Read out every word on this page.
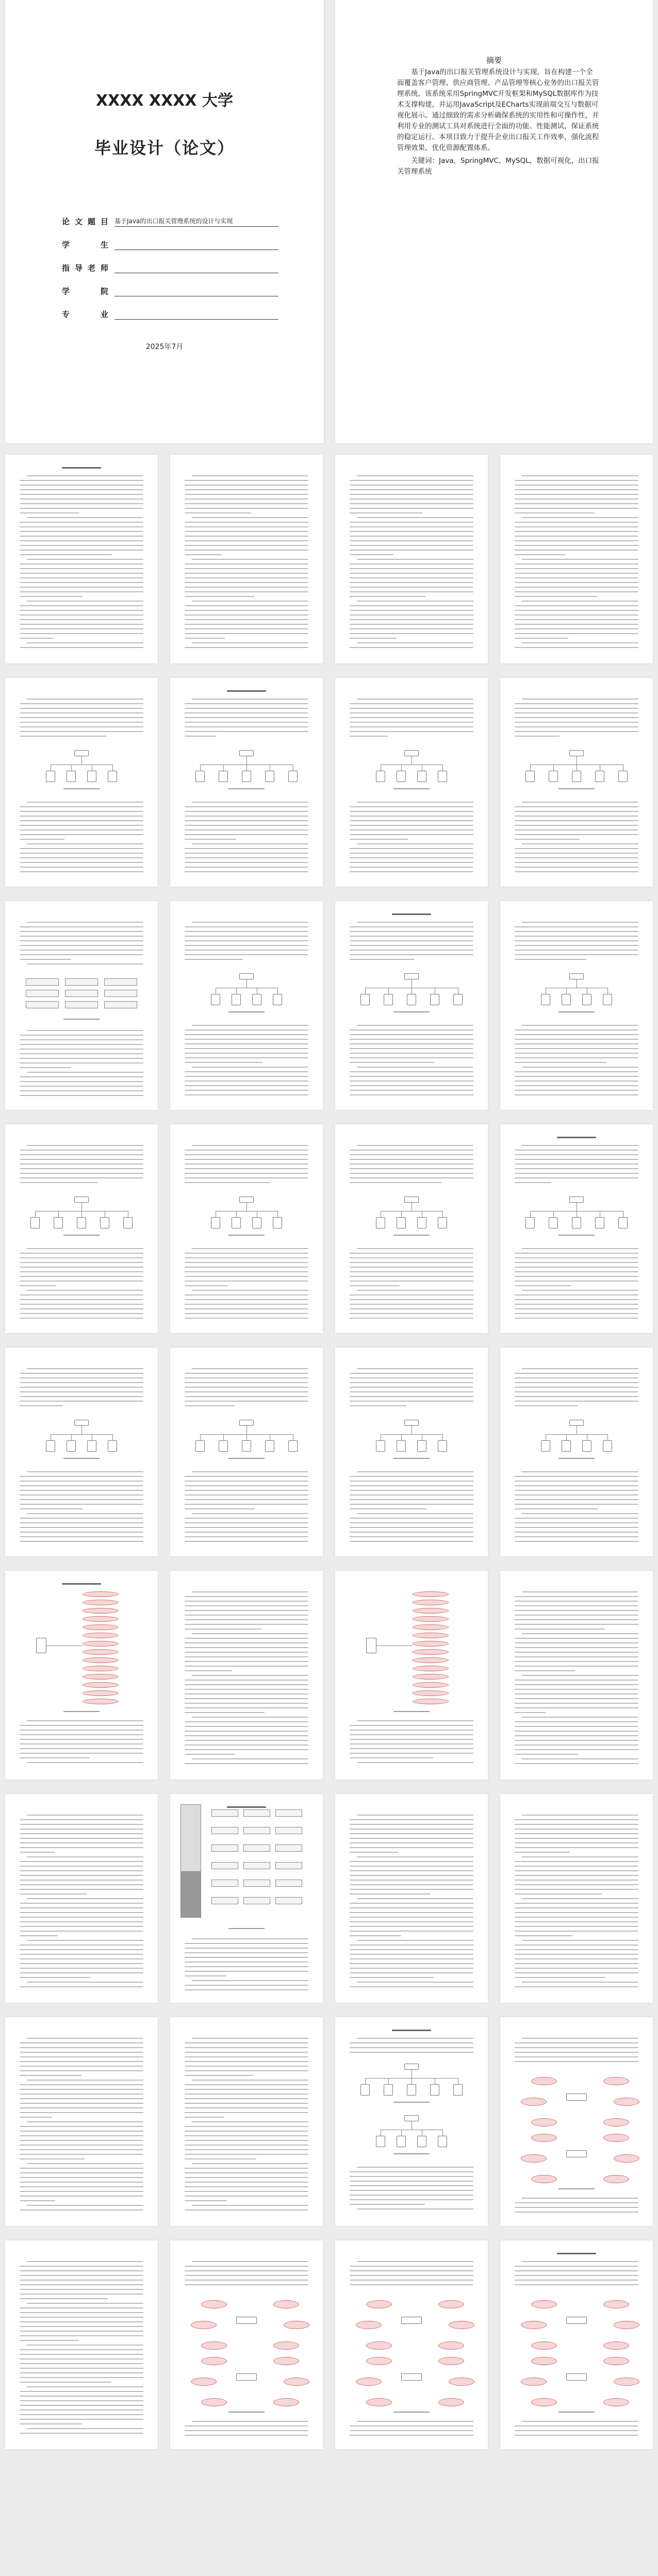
XXXX XXXX 大学
毕业设计（论文）
论文题目 基于Java的出口报关管理系统的设计与实现
学 生
指导老师
学 院
专 业
2025年7月
摘要
基于Java的出口报关管理系统设计与实现，旨在构建一个全面覆盖客户管理、供应商管理、产品管理等核心业务的出口报关管理系统。该系统采用SpringMVC开发框架和MySQL数据库作为技术支撑构建，并运用JavaScript及ECharts实现前端交互与数据可视化展示。通过细致的需求分析确保系统的实用性和可操作性，并利用专业的测试工具对系统进行全面的功能、性能测试，保证系统的稳定运行。本项目致力于提升企业出口报关工作效率，强化流程管理效果，优化资源配置体系。
关键词：Java，SpringMVC，MySQL，数据可视化，出口报关管理系统
